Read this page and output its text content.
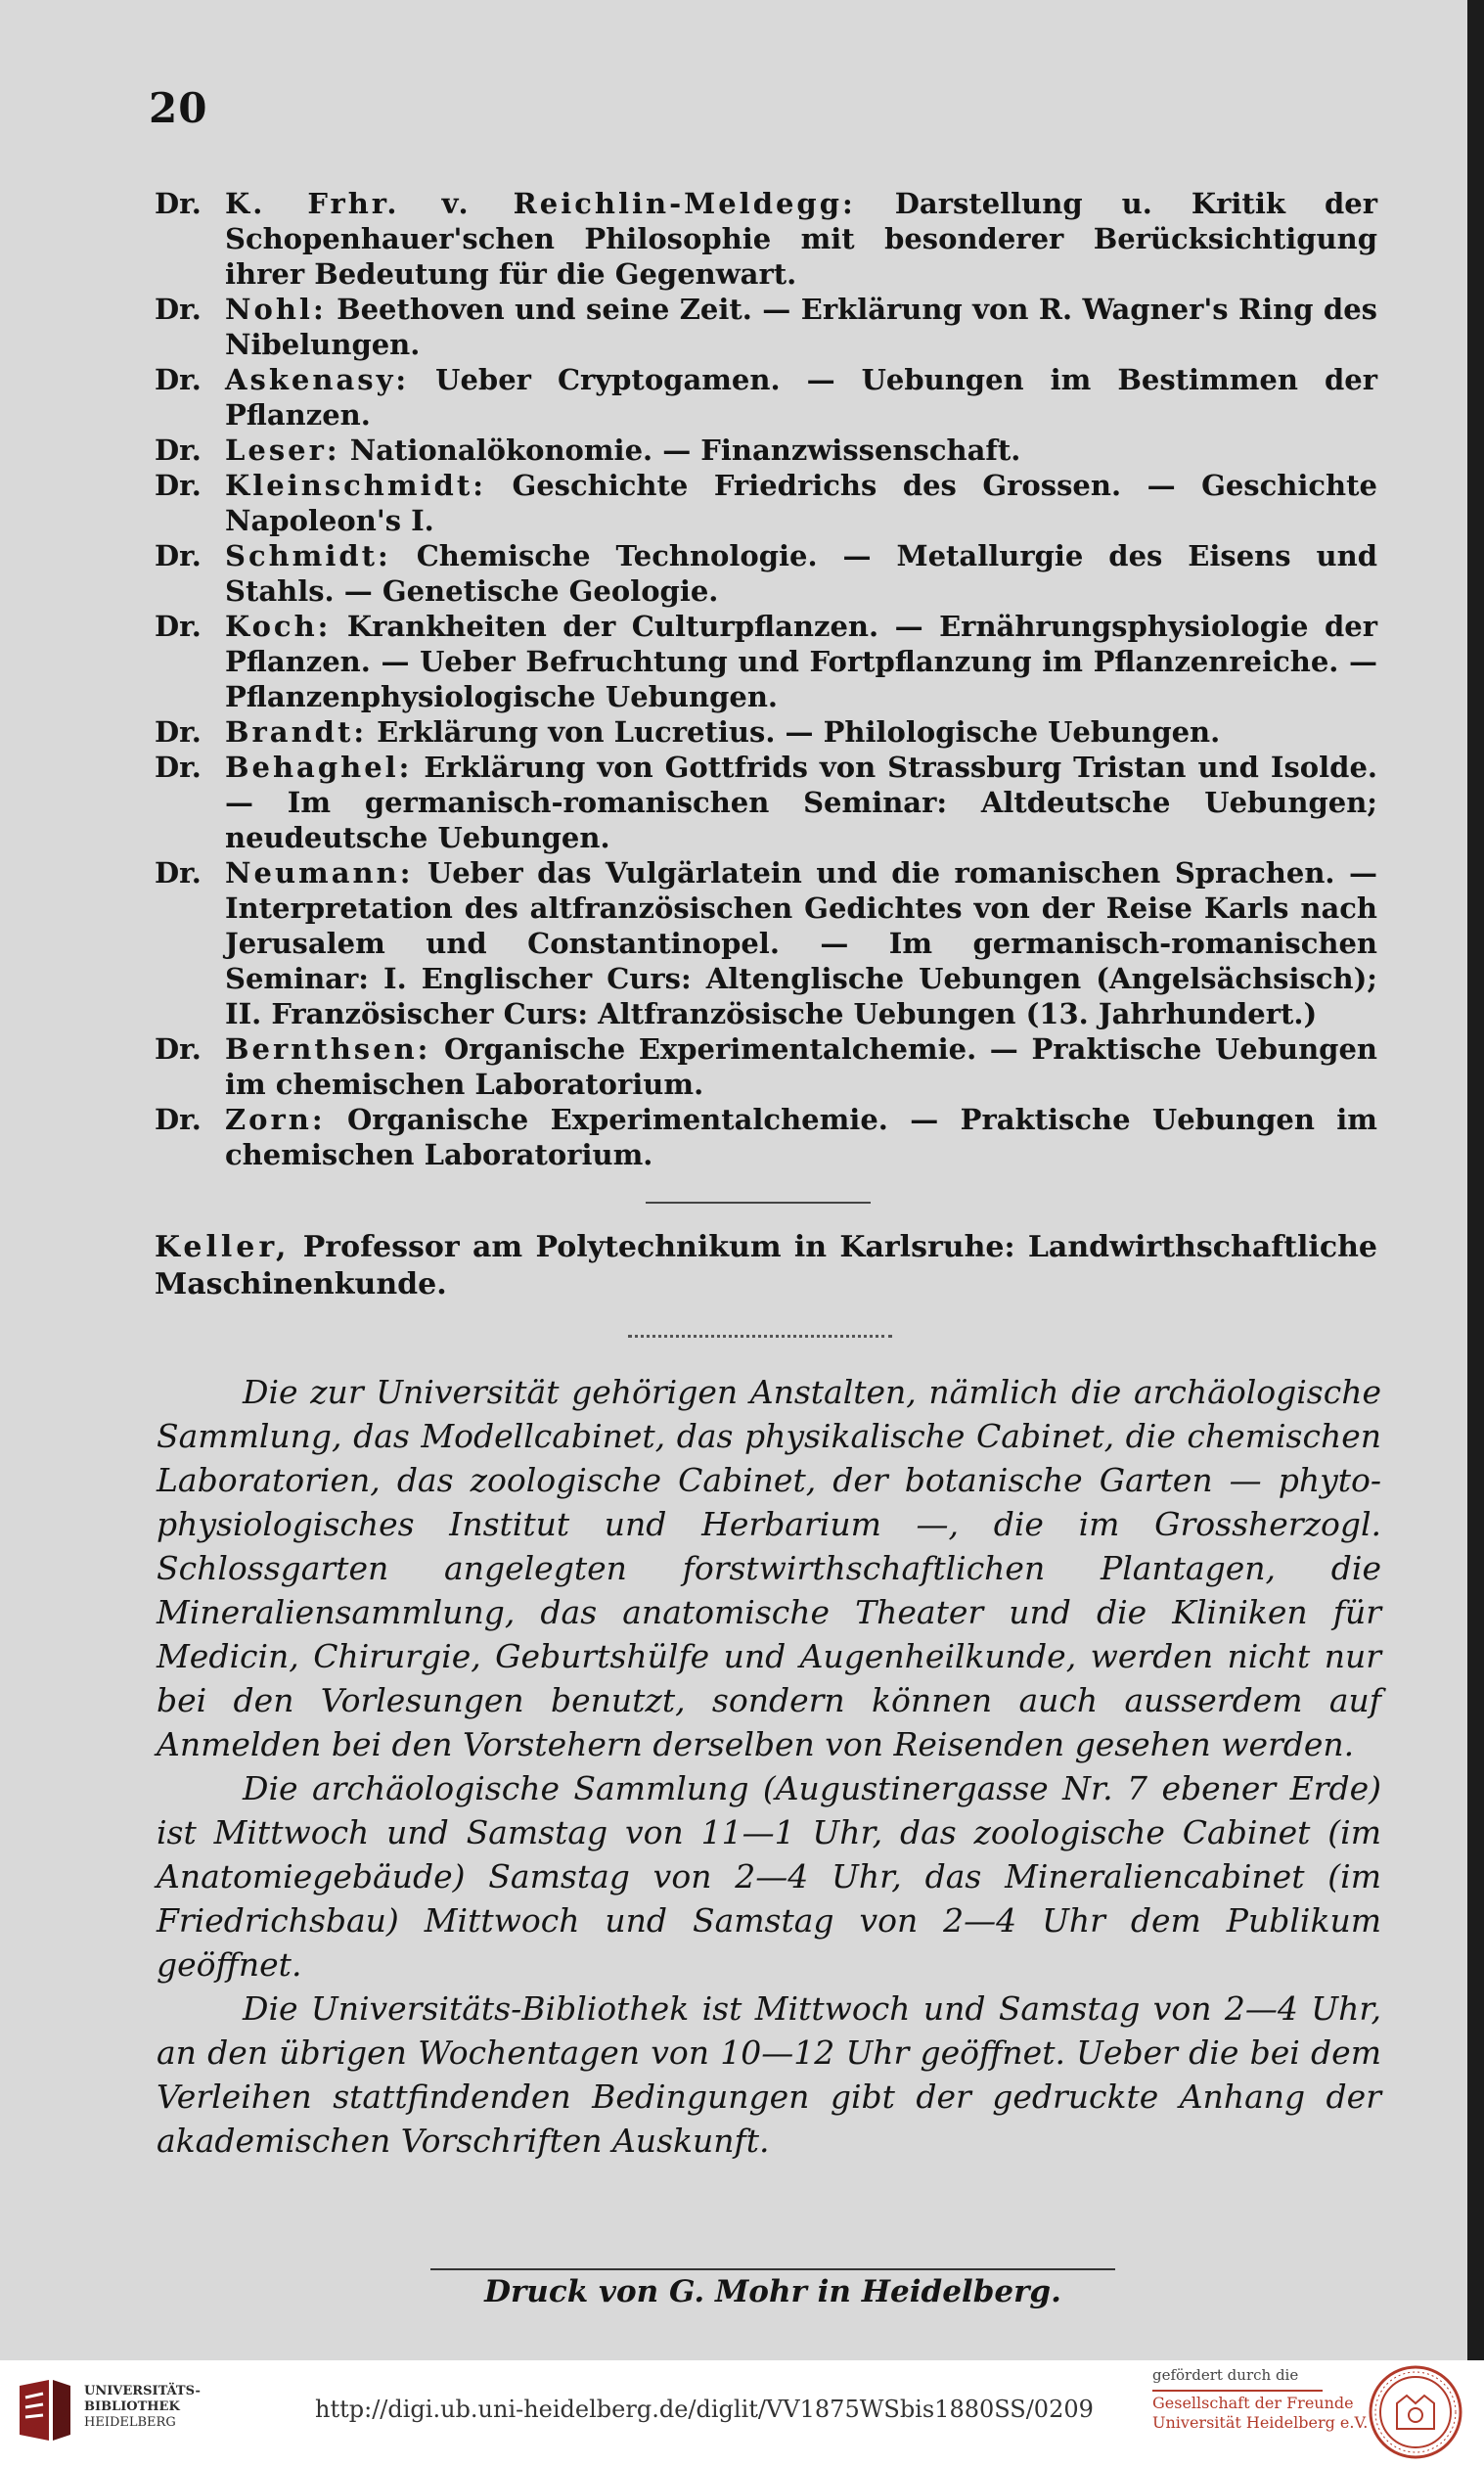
20
Dr. K. Frhr. v. Reichlin-Meldegg: Darstellung u. Kritik der Schopenhauer'schen Philosophie mit besonderer Berücksichtigung ihrer Bedeutung für die Gegenwart.
Dr. Nohl: Beethoven und seine Zeit. — Erklärung von R. Wagner's Ring des Nibelungen.
Dr. Askenasy: Ueber Cryptogamen. — Uebungen im Bestimmen der Pflanzen.
Dr. Leser: Nationalökonomie. — Finanzwissenschaft.
Dr. Kleinschmidt: Geschichte Friedrichs des Grossen. — Geschichte Napoleon's I.
Dr. Schmidt: Chemische Technologie. — Metallurgie des Eisens und Stahls. — Genetische Geologie.
Dr. Koch: Krankheiten der Culturpflanzen. — Ernährungsphysiologie der Pflanzen. — Ueber Befruchtung und Fortpflanzung im Pflanzenreiche. — Pflanzenphysiologische Uebungen.
Dr. Brandt: Erklärung von Lucretius. — Philologische Uebungen.
Dr. Behaghel: Erklärung von Gottfrids von Strassburg Tristan und Isolde. — Im germanisch-romanischen Seminar: Altdeutsche Uebungen; neudeutsche Uebungen.
Dr. Neumann: Ueber das Vulgärlatein und die romanischen Sprachen. — Interpretation des altfranzösischen Gedichtes von der Reise Karls nach Jerusalem und Constantinopel. — Im germanisch-romanischen Seminar: I. Englischer Curs: Altenglische Uebungen (Angelsächsisch); II. Französischer Curs: Altfranzösische Uebungen (13. Jahrhundert.)
Dr. Bernthsen: Organische Experimentalchemie. — Praktische Uebungen im chemischen Laboratorium.
Dr. Zorn: Organische Experimentalchemie. — Praktische Uebungen im chemischen Laboratorium.
Keller, Professor am Polytechnikum in Karlsruhe: Landwirthschaftliche Maschinenkunde.

Die zur Universität gehörigen Anstalten, nämlich die archäologische Sammlung, das Modellcabinet, das physikalische Cabinet, die chemischen Laboratorien, das zoologische Cabinet, der botanische Garten — phyto-physiologisches Institut und Herbarium —, die im Grossherzogl. Schlossgarten angelegten forstwirthschaftlichen Plantagen, die Mineraliensammlung, das anatomische Theater und die Kliniken für Medicin, Chirurgie, Geburtshülfe und Augenheilkunde, werden nicht nur bei den Vorlesungen benutzt, sondern können auch ausserdem auf Anmelden bei den Vorstehern derselben von Reisenden gesehen werden.

Die archäologische Sammlung (Augustinergasse Nr. 7 ebener Erde) ist Mittwoch und Samstag von 11—1 Uhr, das zoologische Cabinet (im Anatomiegebäude) Samstag von 2—4 Uhr, das Mineraliencabinet (im Friedrichsbau) Mittwoch und Samstag von 2—4 Uhr dem Publikum geöffnet.

Die Universitäts-Bibliothek ist Mittwoch und Samstag von 2—4 Uhr, an den übrigen Wochentagen von 10—12 Uhr geöffnet. Ueber die bei dem Verleihen stattfindenden Bedingungen gibt der gedruckte Anhang der akademischen Vorschriften Auskunft.

Druck von G. Mohr in Heidelberg.
UNIVERSITÄTS-
BIBLIOTHEK
HEIDELBERG	http://digi.ub.uni-heidelberg.de/diglit/VV1875WSbis1880SS/0209
gefördert durch die
Gesellschaft der Freunde
Universität Heidelberg e.V.
